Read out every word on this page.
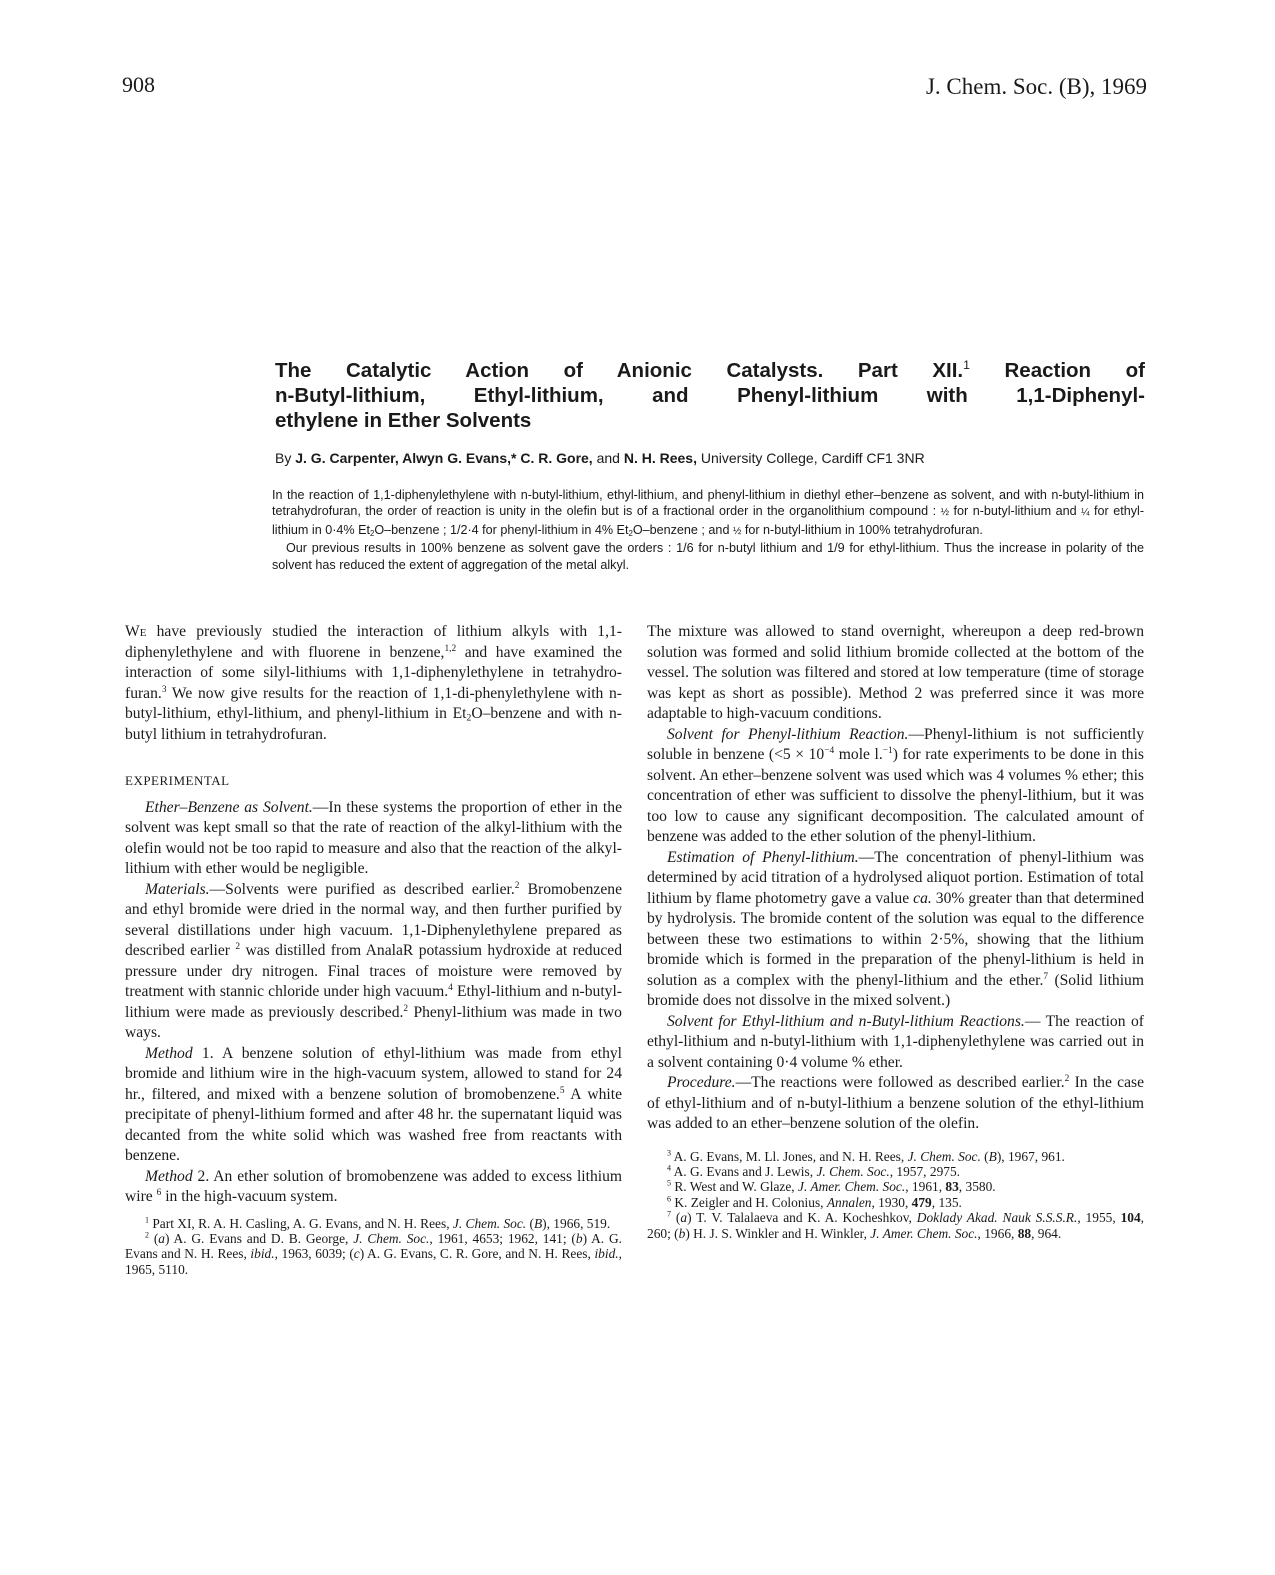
908	J. Chem. Soc. (B), 1969
The Catalytic Action of Anionic Catalysts. Part XII.$^1$ Reaction of
n-Butyl-lithium, Ethyl-lithium, and Phenyl-lithium with 1,1-Diphenyl-
ethylene in Ether Solvents
By J. G. Carpenter, Alwyn G. Evans,* C. R. Gore, and N. H. Rees, University College, Cardiff CF1 3NR

In the reaction of 1,1-diphenylethylene with n-butyl-lithium, ethyl-lithium, and phenyl-lithium in diethyl ether–benzene as solvent, and with n-butyl-lithium in tetrahydrofuran, the order of reaction is unity in the olefin but is of a fractional order in the organolithium compound : ½ for n-butyl-lithium and ¼ for ethyl-lithium in 0·4% $Et_2O$–benzene ; 1/2·4 for phenyl-lithium in 4% $Et_2O$–benzene ; and ½ for n-butyl-lithium in 100% tetrahydrofuran.

Our previous results in 100% benzene as solvent gave the orders : 1/6 for n-butyl lithium and 1/9 for ethyl-lithium. Thus the increase in polarity of the solvent has reduced the extent of aggregation of the metal alkyl.

We have previously studied the interaction of lithium alkyls with 1,1-diphenylethylene and with fluorene in benzene,$^{1,2}$ and have examined the interaction of some silyl-lithiums with 1,1-diphenylethylene in tetrahydro-furan.$^3$ We now give results for the reaction of 1,1-di-phenylethylene with n-butyl-lithium, ethyl-lithium, and phenyl-lithium in $Et_2O$–benzene and with n-butyl lithium in tetrahydrofuran.

EXPERIMENTAL

Ether–Benzene as Solvent.—In these systems the proportion of ether in the solvent was kept small so that the rate of reaction of the alkyl-lithium with the olefin would not be too rapid to measure and also that the reaction of the alkyl-lithium with ether would be negligible.

Materials.—Solvents were purified as described earlier.$^2$ Bromobenzene and ethyl bromide were dried in the normal way, and then further purified by several distillations under high vacuum. 1,1-Diphenylethylene prepared as described earlier $^2$ was distilled from AnalaR potassium hydroxide at reduced pressure under dry nitrogen. Final traces of moisture were removed by treatment with stannic chloride under high vacuum.$^4$ Ethyl-lithium and n-butyl-lithium were made as previously described.$^2$ Phenyl-lithium was made in two ways.

Method 1. A benzene solution of ethyl-lithium was made from ethyl bromide and lithium wire in the high-vacuum system, allowed to stand for 24 hr., filtered, and mixed with a benzene solution of bromobenzene.$^5$ A white precipitate of phenyl-lithium formed and after 48 hr. the supernatant liquid was decanted from the white solid which was washed free from reactants with benzene.

Method 2. An ether solution of bromobenzene was added to excess lithium wire $^6$ in the high-vacuum system.

$^1$ Part XI, R. A. H. Casling, A. G. Evans, and N. H. Rees, J. Chem. Soc. (B), 1966, 519.

$^2$ (a) A. G. Evans and D. B. George, J. Chem. Soc., 1961, 4653; 1962, 141; (b) A. G. Evans and N. H. Rees, ibid., 1963, 6039; (c) A. G. Evans, C. R. Gore, and N. H. Rees, ibid., 1965, 5110.

The mixture was allowed to stand overnight, whereupon a deep red-brown solution was formed and solid lithium bromide collected at the bottom of the vessel. The solution was filtered and stored at low temperature (time of storage was kept as short as possible). Method 2 was preferred since it was more adaptable to high-vacuum conditions.

Solvent for Phenyl-lithium Reaction.—Phenyl-lithium is not sufficiently soluble in benzene ($<5 \times 10^{-4}$ mole l.$^{-1}$) for rate experiments to be done in this solvent. An ether–benzene solvent was used which was 4 volumes % ether; this concentration of ether was sufficient to dissolve the phenyl-lithium, but it was too low to cause any significant decomposition. The calculated amount of benzene was added to the ether solution of the phenyl-lithium.

Estimation of Phenyl-lithium.—The concentration of phenyl-lithium was determined by acid titration of a hydrolysed aliquot portion. Estimation of total lithium by flame photometry gave a value ca. 30% greater than that determined by hydrolysis. The bromide content of the solution was equal to the difference between these two estimations to within 2·5%, showing that the lithium bromide which is formed in the preparation of the phenyl-lithium is held in solution as a complex with the phenyl-lithium and the ether.$^7$ (Solid lithium bromide does not dissolve in the mixed solvent.)

Solvent for Ethyl-lithium and n-Butyl-lithium Reactions.— The reaction of ethyl-lithium and n-butyl-lithium with 1,1-diphenylethylene was carried out in a solvent containing 0·4 volume % ether.

Procedure.—The reactions were followed as described earlier.$^2$ In the case of ethyl-lithium and of n-butyl-lithium a benzene solution of the ethyl-lithium was added to an ether–benzene solution of the olefin.

$^3$ A. G. Evans, M. Ll. Jones, and N. H. Rees, J. Chem. Soc. (B), 1967, 961.

$^4$ A. G. Evans and J. Lewis, J. Chem. Soc., 1957, 2975.

$^5$ R. West and W. Glaze, J. Amer. Chem. Soc., 1961, 83, 3580.

$^6$ K. Zeigler and H. Colonius, Annalen, 1930, 479, 135.

$^7$ (a) T. V. Talalaeva and K. A. Kocheshkov, Doklady Akad. Nauk S.S.S.R., 1955, 104, 260; (b) H. J. S. Winkler and H. Winkler, J. Amer. Chem. Soc., 1966, 88, 964.
